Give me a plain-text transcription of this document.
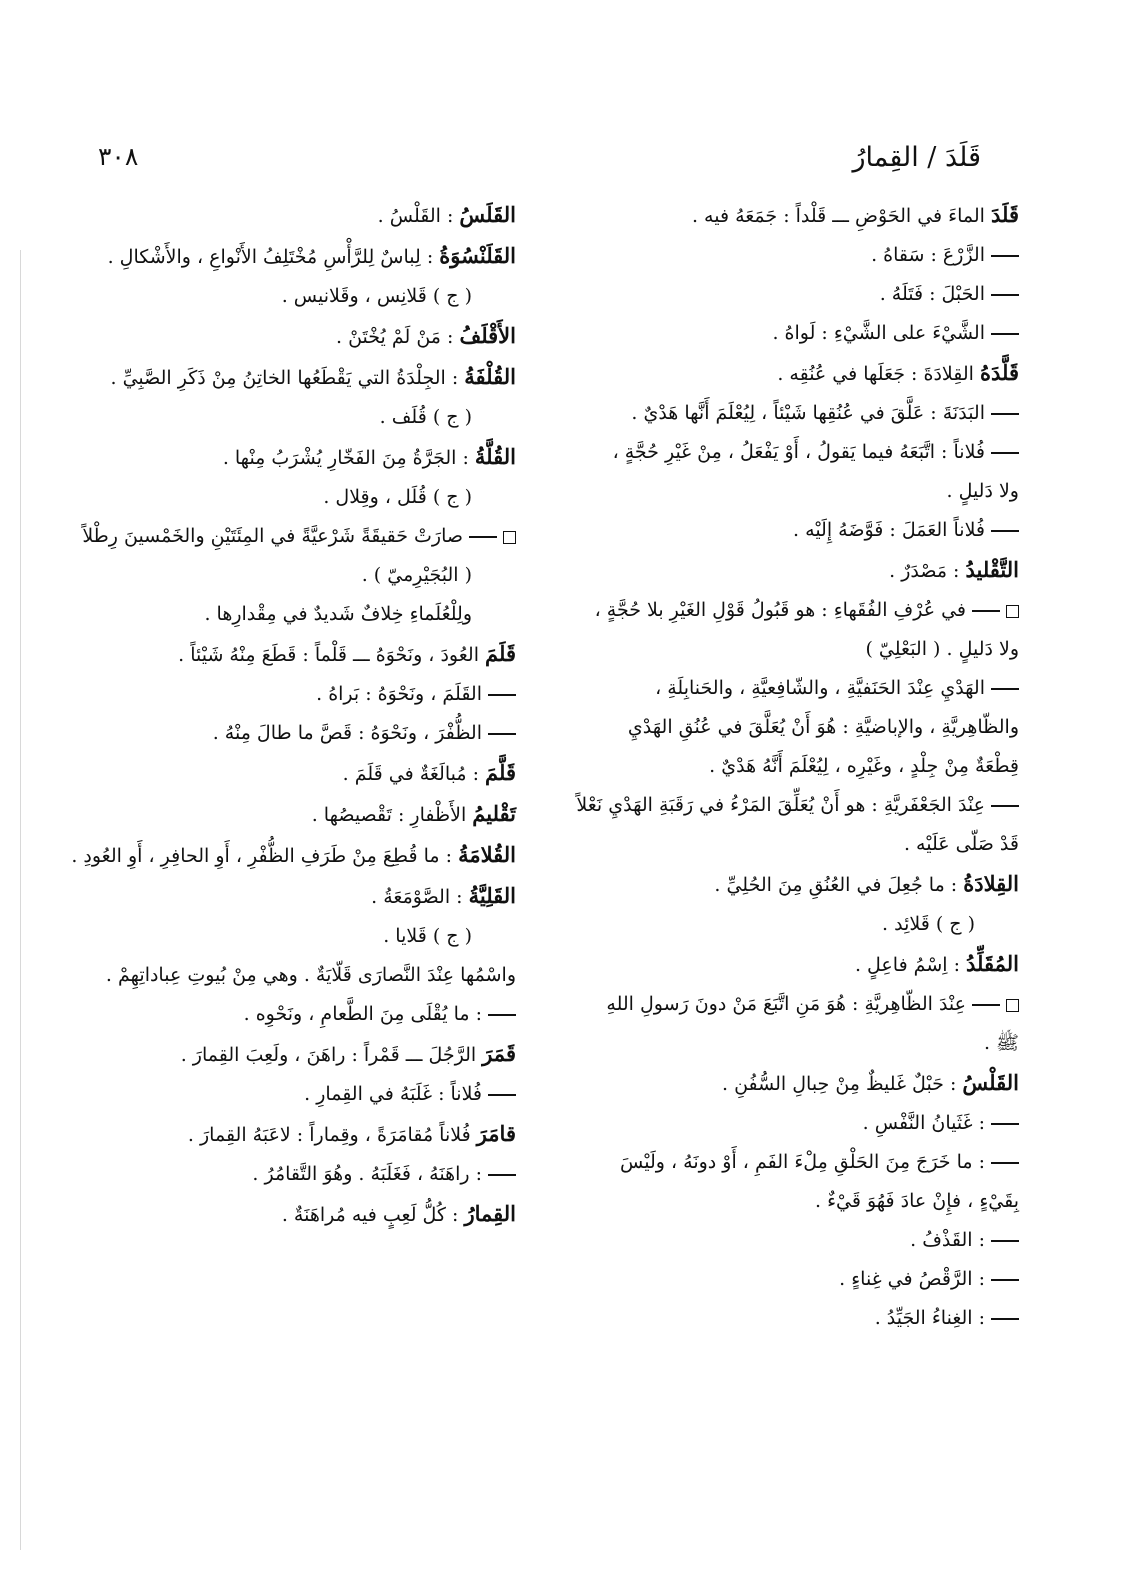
قَلَدَ / القِمارُ
٣٠٨
قَلَدَ الماءَ في الحَوْضِ ـــ قَلْداً : جَمَعَهُ فيه .
الزَّرْعَ : سَقاهُ .
الحَبْلَ : فَتَلَهُ .
الشَّيْءَ على الشَّيْءِ : لَواهُ .
قَلَّدَهُ القِلادَةَ : جَعَلَها في عُنُقِه .
البَدَنَةَ : عَلَّقَ في عُنُقِها شَيْئاً ، لِيُعْلَمَ أَنَّها هَدْيٌ .
فُلاناً : اتَّبَعَهُ فيما يَقولُ ، أَوْ يَفْعَلُ ، مِنْ غَيْرِ حُجَّةٍ ،
ولا دَليلٍ .
فُلاناً العَمَلَ : فَوَّضَهُ إِلَيْه .
التَّقْليدُ : مَصْدَرٌ .
في عُرْفِ الفُقَهاءِ : هو قَبُولُ قَوْلِ الغَيْرِ بلا حُجَّةٍ ،
ولا دَليلٍ . ( البَعْلِيّ )
الهَدْيِ عِنْدَ الحَنَفيَّةِ ، والشّافِعيَّةِ ، والحَنابِلَةِ ،
والظّاهِريَّةِ ، والإباضيَّةِ : هُوَ أَنْ يُعَلَّقَ في عُنُقِ الهَدْيِ
قِطْعَةٌ مِنْ جِلْدٍ ، وغَيْرِه ، لِيُعْلَمَ أَنَّهُ هَدْيٌ .
عِنْدَ الجَعْفَريَّةِ : هو أَنْ يُعَلِّقَ المَرْءُ في رَقَبَةِ الهَدْيِ نَعْلاً
قَدْ صَلّى عَلَيْه .
القِلادَةُ : ما جُعِلَ في العُنُقِ مِنَ الحُلِيِّ .
( ج ) قَلائِد .
المُقَلِّدُ : اِسْمُ فاعِلٍ .
عِنْدَ الظّاهِريَّةِ : هُوَ مَنِ اتَّبَعَ مَنْ دونَ رَسولِ اللهِ
ﷺ .
القَلْسُ : حَبْلٌ غَليظٌ مِنْ حِبالِ السُّفُنِ .
: غَثَيانُ النَّفْسِ .
: ما خَرَجَ مِنَ الحَلْقِ مِلْءَ الفَمِ ، أَوْ دونَهُ ، ولَيْسَ
بِقَيْءٍ ، فإِنْ عادَ فَهُوَ قَيْءٌ .
: القَذْفُ .
: الرَّقْصُ في غِناءٍ .
: الغِناءُ الجَيِّدُ .
القَلَسُ : القَلْسُ .
القَلَنْسُوَةُ : لِباسٌ لِلرَّأْسِ مُخْتَلِفُ الأَنْواعِ ، والأَشْكالِ .
( ج ) قَلانِس ، وقَلانيس .
الأَقْلَفُ : مَنْ لَمْ يُخْتَنْ .
القُلْفَةُ : الجِلْدَةُ التي يَقْطَعُها الخاتِنُ مِنْ ذَكَرِ الصَّبِيِّ .
( ج ) قُلَف .
القُلَّةُ : الجَرَّةُ مِنَ الفَخّارِ يُشْرَبُ مِنْها .
( ج ) قُلَل ، وقِلال .
صارَتْ حَقيقَةً شَرْعيَّةً في المِئَتَيْنِ والخَمْسينَ رِطْلاً
( البُجَيْرِميّ ) .
ولِلْعُلَماءِ خِلافٌ شَديدٌ في مِقْدارِها .
قَلَمَ العُودَ ، ونَحْوَهُ ـــ قَلْماً : قَطَعَ مِنْهُ شَيْئاً .
القَلَمَ ، ونَحْوَهُ : بَراهُ .
الظُّفْرَ ، ونَحْوَهُ : قَصَّ ما طالَ مِنْهُ .
قَلَّمَ : مُبالَغَةٌ في قَلَمَ .
تَقْليمُ الأَظْفارِ : تَقْصيصُها .
القُلامَةُ : ما قُطِعَ مِنْ طَرَفِ الظُّفْرِ ، أَوِ الحافِرِ ، أَوِ العُودِ .
القَلِيَّةُ : الصَّوْمَعَةُ .
( ج ) قَلايا .
واسْمُها عِنْدَ النَّصارَى قَلّايَةٌ . وهي مِنْ بُيوتِ عِباداتِهِمْ .
: ما يُقْلَى مِنَ الطَّعامِ ، ونَحْوِه .
قَمَرَ الرَّجُلَ ـــ قَمْراً : راهَنَ ، ولَعِبَ القِمارَ .
فُلاناً : غَلَبَهُ في القِمارِ .
قامَرَ فُلاناً مُقامَرَةً ، وقِماراً : لاعَبَهُ القِمارَ .
: راهَنَهُ ، فَغَلَبَهُ . وهُوَ التَّقامُرُ .
القِمارُ : كُلُّ لَعِبٍ فيه مُراهَنَةٌ .
